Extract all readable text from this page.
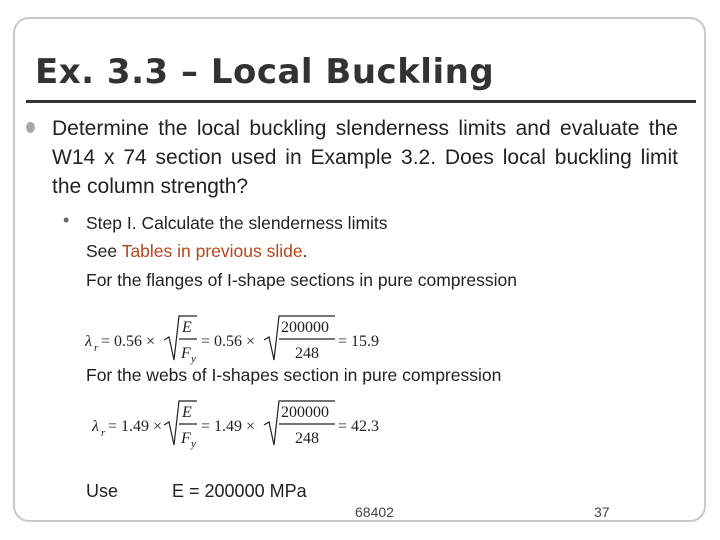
Ex. 3.3 – Local Buckling
Determine the local buckling slenderness limits and evaluate the W14 x 74 section used in Example 3.2. Does local buckling limit the column strength?
• Step I. Calculate the slenderness limits
See Tables in previous slide.
For the flanges of I-shape sections in pure compression
λ r = 0.56 ×
E
F y
= 0.56 ×
200000
248
= 15.9
For the webs of I-shapes section in pure compression
λ r = 1.49 ×
E
F y
= 1.49 ×
200000
248
= 42.3
Use	E = 200000 MPa
68402	37
